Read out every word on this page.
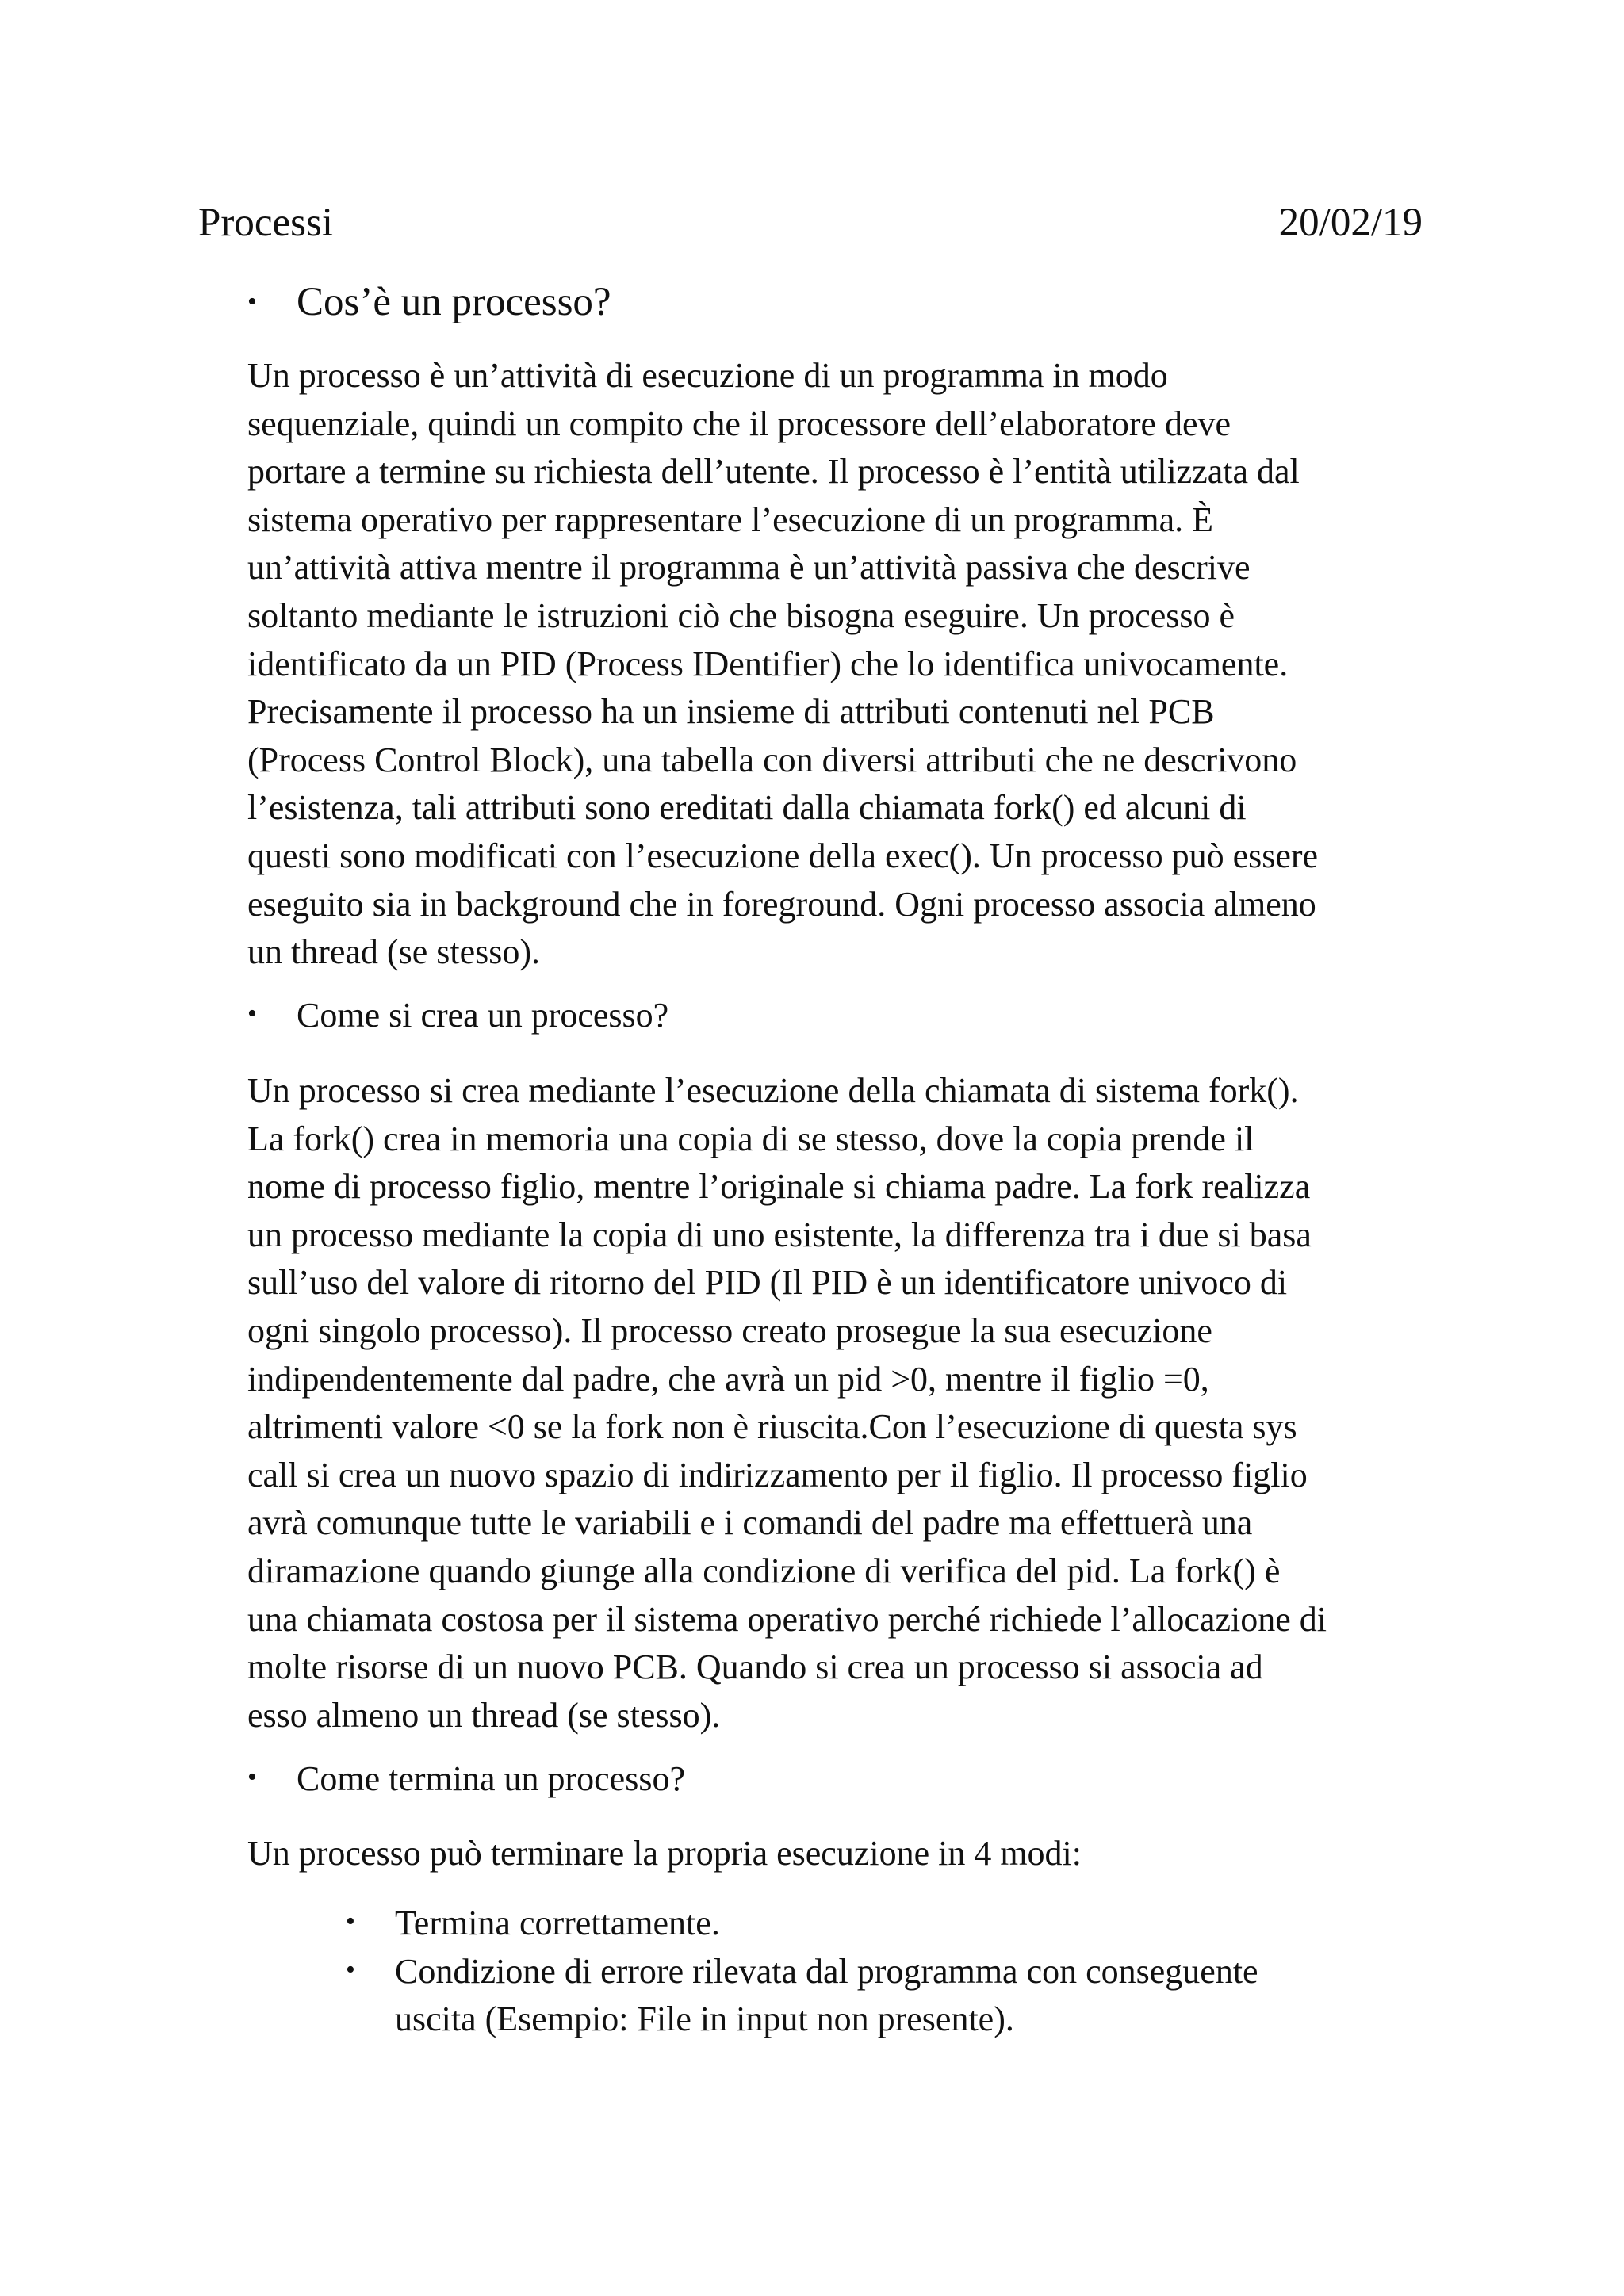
Processi	20/02/19
• Cos’è un processo?

Un processo è un’attività di esecuzione di un programma in modo
sequenziale, quindi un compito che il processore dell’elaboratore deve
portare a termine su richiesta dell’utente. Il processo è l’entità utilizzata dal
sistema operativo per rappresentare l’esecuzione di un programma. È
un’attività attiva mentre il programma è un’attività passiva che descrive
soltanto mediante le istruzioni ciò che bisogna eseguire. Un processo è
identificato da un PID (Process IDentifier) che lo identifica univocamente.
Precisamente il processo ha un insieme di attributi contenuti nel PCB
(Process Control Block), una tabella con diversi attributi che ne descrivono
l’esistenza, tali attributi sono ereditati dalla chiamata fork() ed alcuni di
questi sono modificati con l’esecuzione della exec(). Un processo può essere
eseguito sia in background che in foreground. Ogni processo associa almeno
un thread (se stesso).

•	Come si crea un processo?

Un processo si crea mediante l’esecuzione della chiamata di sistema fork().
La fork() crea in memoria una copia di se stesso, dove la copia prende il
nome di processo figlio, mentre l’originale si chiama padre. La fork realizza
un processo mediante la copia di uno esistente, la differenza tra i due si basa
sull’uso del valore di ritorno del PID (Il PID è un identificatore univoco di
ogni singolo processo). Il processo creato prosegue la sua esecuzione
indipendentemente dal padre, che avrà un pid >0, mentre il figlio =0,
altrimenti valore <0 se la fork non è riuscita.Con l’esecuzione di questa sys
call si crea un nuovo spazio di indirizzamento per il figlio. Il processo figlio
avrà comunque tutte le variabili e i comandi del padre ma effettuerà una
diramazione quando giunge alla condizione di verifica del pid. La fork() è
una chiamata costosa per il sistema operativo perché richiede l’allocazione di
molte risorse di un nuovo PCB. Quando si crea un processo si associa ad
esso almeno un thread (se stesso).

•	Come termina un processo?

Un processo può terminare la propria esecuzione in 4 modi:

•	Termina correttamente.
•	Condizione di errore rilevata dal programma con conseguente
uscita (Esempio: File in input non presente).
